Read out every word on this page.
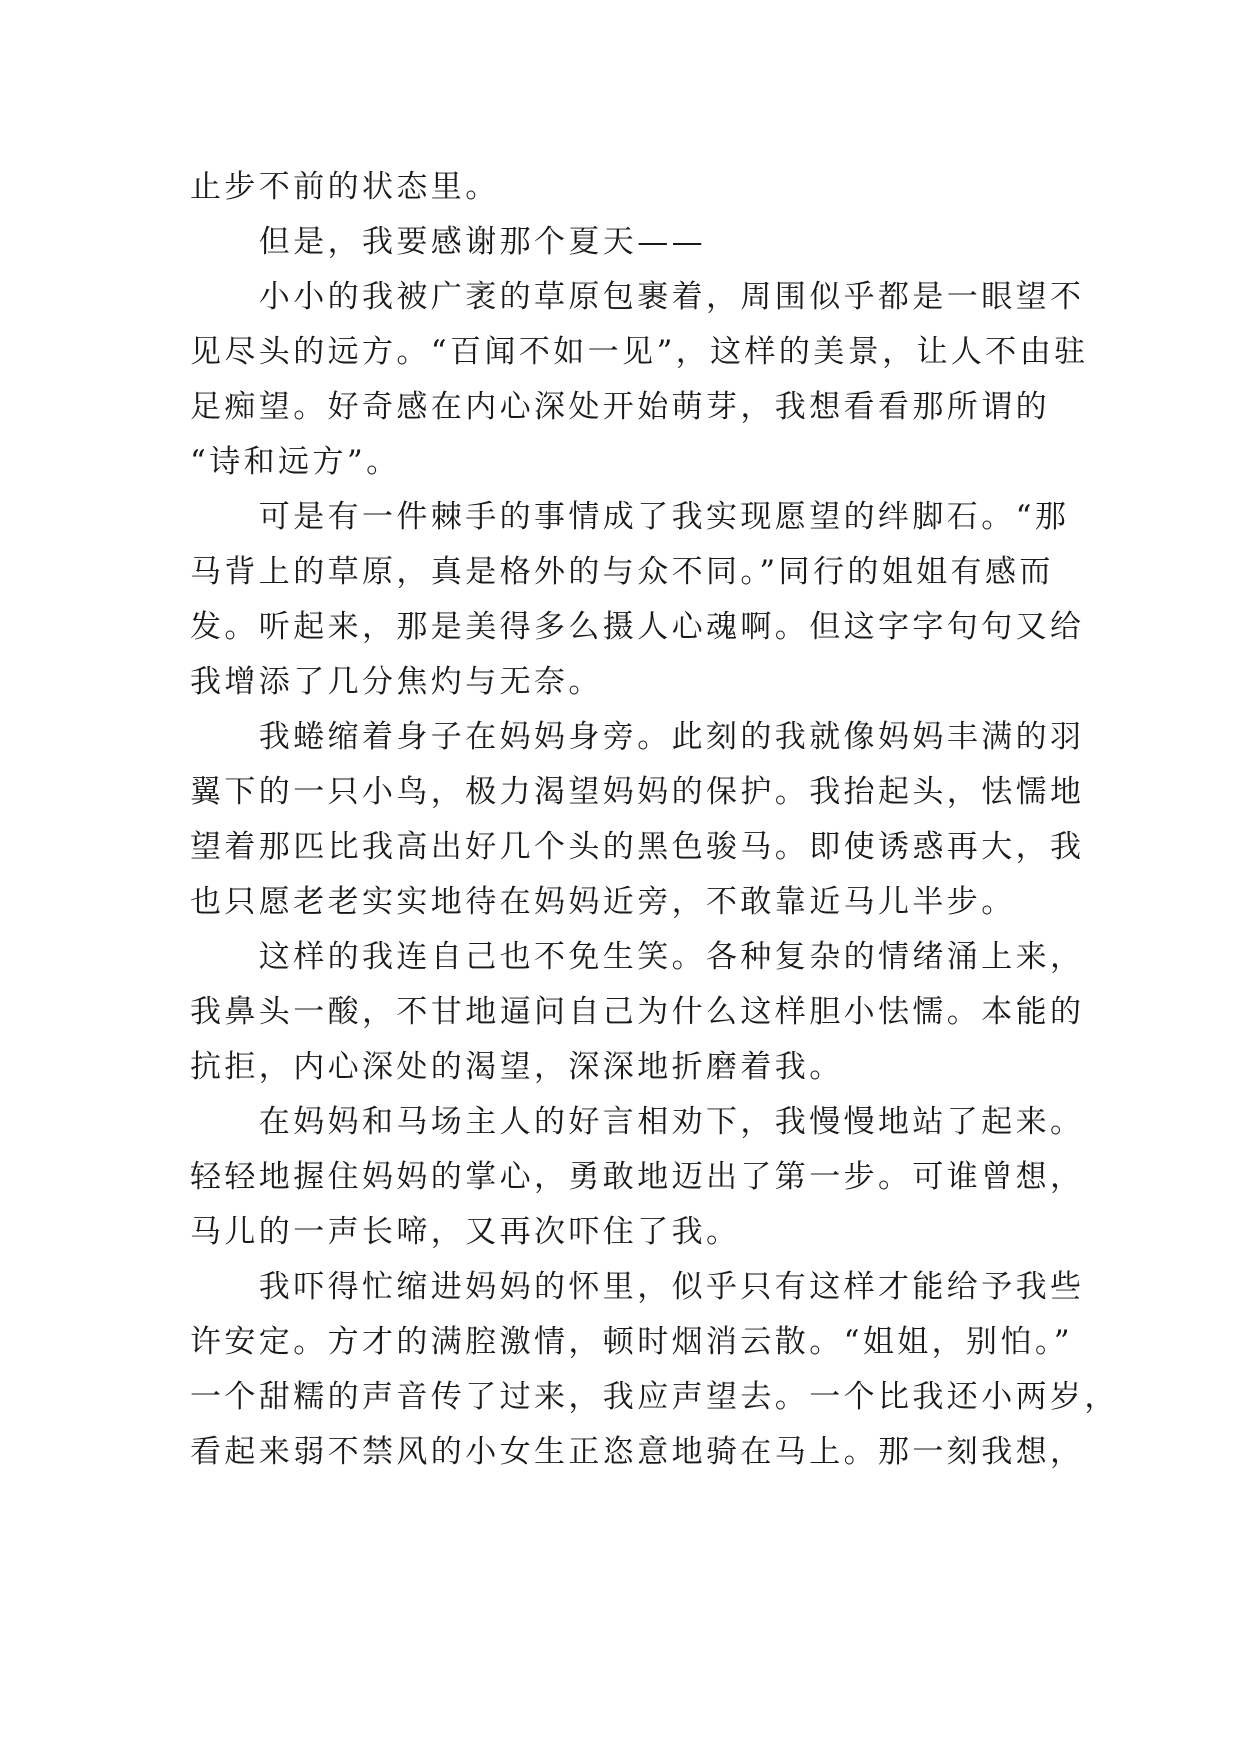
止步不前的状态里。
　　但是，我要感谢那个夏天——
　　小小的我被广袤的草原包裹着，周围似乎都是一眼望不
见尽头的远方。“百闻不如一见”，这样的美景，让人不由驻
足痴望。好奇感在内心深处开始萌芽，我想看看那所谓的
“诗和远方”。
　　可是有一件棘手的事情成了我实现愿望的绊脚石。“那
马背上的草原，真是格外的与众不同。”同行的姐姐有感而
发。听起来，那是美得多么摄人心魂啊。但这字字句句又给
我增添了几分焦灼与无奈。
　　我蜷缩着身子在妈妈身旁。此刻的我就像妈妈丰满的羽
翼下的一只小鸟，极力渴望妈妈的保护。我抬起头，怯懦地
望着那匹比我高出好几个头的黑色骏马。即使诱惑再大，我
也只愿老老实实地待在妈妈近旁，不敢靠近马儿半步。
　　这样的我连自己也不免生笑。各种复杂的情绪涌上来，
我鼻头一酸，不甘地逼问自己为什么这样胆小怯懦。本能的
抗拒，内心深处的渴望，深深地折磨着我。
　　在妈妈和马场主人的好言相劝下，我慢慢地站了起来。
轻轻地握住妈妈的掌心，勇敢地迈出了第一步。可谁曾想，
马儿的一声长啼，又再次吓住了我。
　　我吓得忙缩进妈妈的怀里，似乎只有这样才能给予我些
许安定。方才的满腔激情，顿时烟消云散。“姐姐，别怕。”
一个甜糯的声音传了过来，我应声望去。一个比我还小两岁，
看起来弱不禁风的小女生正恣意地骑在马上。那一刻我想，
